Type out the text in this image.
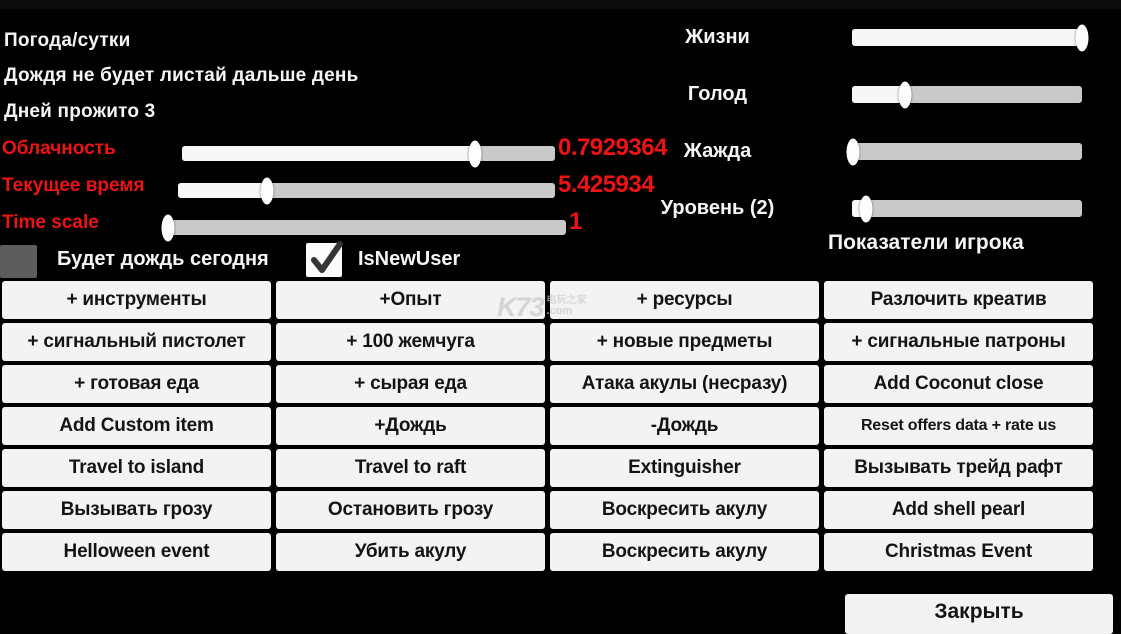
Погода/сутки
Дождя не будет листай дальше день
Дней прожито 3
Облачность	0.7929364
Текущее время	5.425934
Time scale	1
Жизни
Голод
Жажда
Уровень (2)
Показатели игрока
Будет дождь сегодня	IsNewUser
+ инструменты	+Опыт	+ ресурсы	Разлочить креатив
+ сигнальный пистолет	+ 100 жемчуга	+ новые предметы	+ сигнальные патроны
+ готовая еда	+ сырая еда	Атака акулы (несразу)	Add Coconut close
Add Custom item	+Дождь	-Дождь	Reset offers data + rate us
Travel to island	Travel to raft	Extinguisher	Вызывать трейд рафт
Вызывать грозу	Остановить грозу	Воскресить акулу	Add shell pearl
Helloween event	Убить акулу	Воскресить акулу	Christmas Event
K73 电玩之家
.com
Закрыть
